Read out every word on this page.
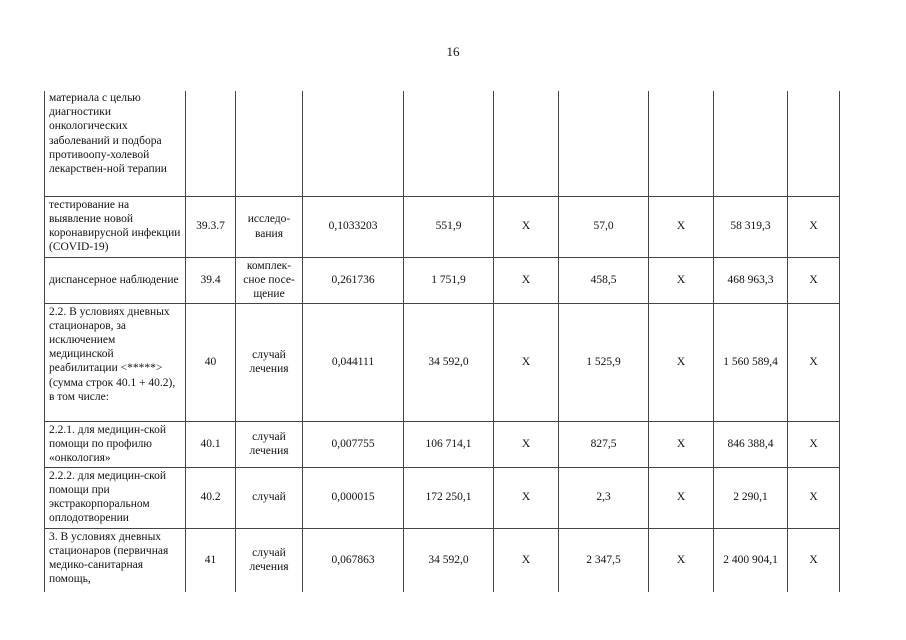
16
материала с целью диагностики онкологических заболеваний и подбора противоопу-холевой лекарствен-ной терапии									
тестирование на выявление новой коронавирусной инфекции (COVID-19)	39.3.7	исследо-вания	0,1033203	551,9	X	57,0	X	58 319,3	X
диспансерное наблюдение	39.4	комплек-сное посе-щение	0,261736	1 751,9	X	458,5	X	468 963,3	X
2.2. В условиях дневных стационаров, за исключением медицинской реабилитации <*****> (сумма строк 40.1 + 40.2), в том числе:	40	случай лечения	0,044111	34 592,0	X	1 525,9	X	1 560 589,4	X
2.2.1. для медицин-ской помощи по профилю «онкология»	40.1	случай лечения	0,007755	106 714,1	X	827,5	X	846 388,4	X
2.2.2. для медицин-ской помощи при экстракорпоральном оплодотворении	40.2	случай	0,000015	172 250,1	X	2,3	X	2 290,1	X
3. В условиях дневных стационаров (первичная медико-санитарная помощь,	41	случай лечения	0,067863	34 592,0	X	2 347,5	X	2 400 904,1	X
